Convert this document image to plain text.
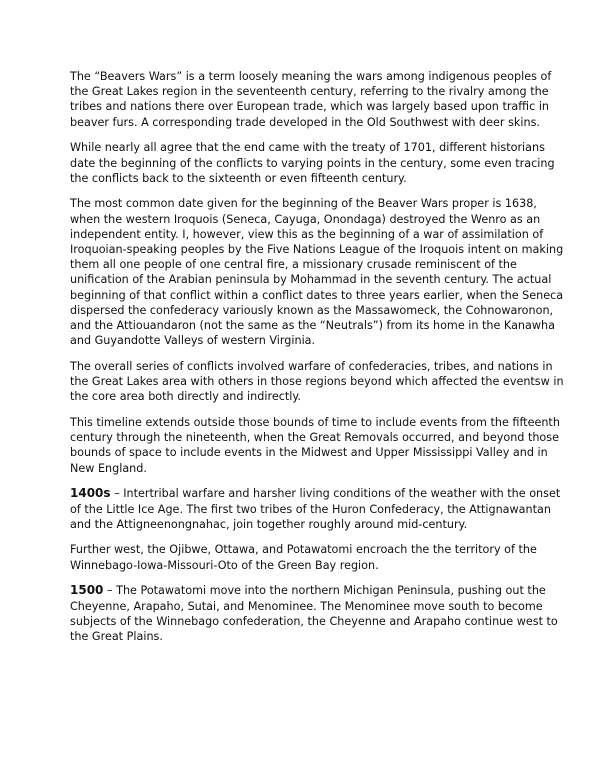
The “Beavers Wars” is a term loosely meaning the wars among indigenous peoples of the Great Lakes region in the seventeenth century, referring to the rivalry among the tribes and nations there over European trade, which was largely based upon traffic in beaver furs. A corresponding trade developed in the Old Southwest with deer skins.

While nearly all agree that the end came with the treaty of 1701, different historians date the beginning of the conflicts to varying points in the century, some even tracing the conflicts back to the sixteenth or even fifteenth century.

The most common date given for the beginning of the Beaver Wars proper is 1638, when the western Iroquois (Seneca, Cayuga, Onondaga) destroyed the Wenro as an independent entity. I, however, view this as the beginning of a war of assimilation of Iroquoian-speaking peoples by the Five Nations League of the Iroquois intent on making them all one people of one central fire, a missionary crusade reminiscent of the unification of the Arabian peninsula by Mohammad in the seventh century. The actual beginning of that conflict within a conflict dates to three years earlier, when the Seneca dispersed the confederacy variously known as the Massawomeck, the Cohnowaronon, and the Attiouandaron (not the same as the “Neutrals”) from its home in the Kanawha and Guyandotte Valleys of western Virginia.

The overall series of conflicts involved warfare of confederacies, tribes, and nations in the Great Lakes area with others in those regions beyond which affected the eventsw in the core area both directly and indirectly.

This timeline extends outside those bounds of time to include events from the fifteenth century through the nineteenth, when the Great Removals occurred, and beyond those bounds of space to include events in the Midwest and Upper Mississippi Valley and in New England.

1400s – Intertribal warfare and harsher living conditions of the weather with the onset of the Little Ice Age. The first two tribes of the Huron Confederacy, the Attignawantan and the Attigneenongnahac, join together roughly around mid-century.

Further west, the Ojibwe, Ottawa, and Potawatomi encroach the the territory of the Winnebago-Iowa-Missouri-Oto of the Green Bay region.

1500 – The Potawatomi move into the northern Michigan Peninsula, pushing out the Cheyenne, Arapaho, Sutai, and Menominee. The Menominee move south to become subjects of the Winnebago confederation, the Cheyenne and Arapaho continue west to the Great Plains.
